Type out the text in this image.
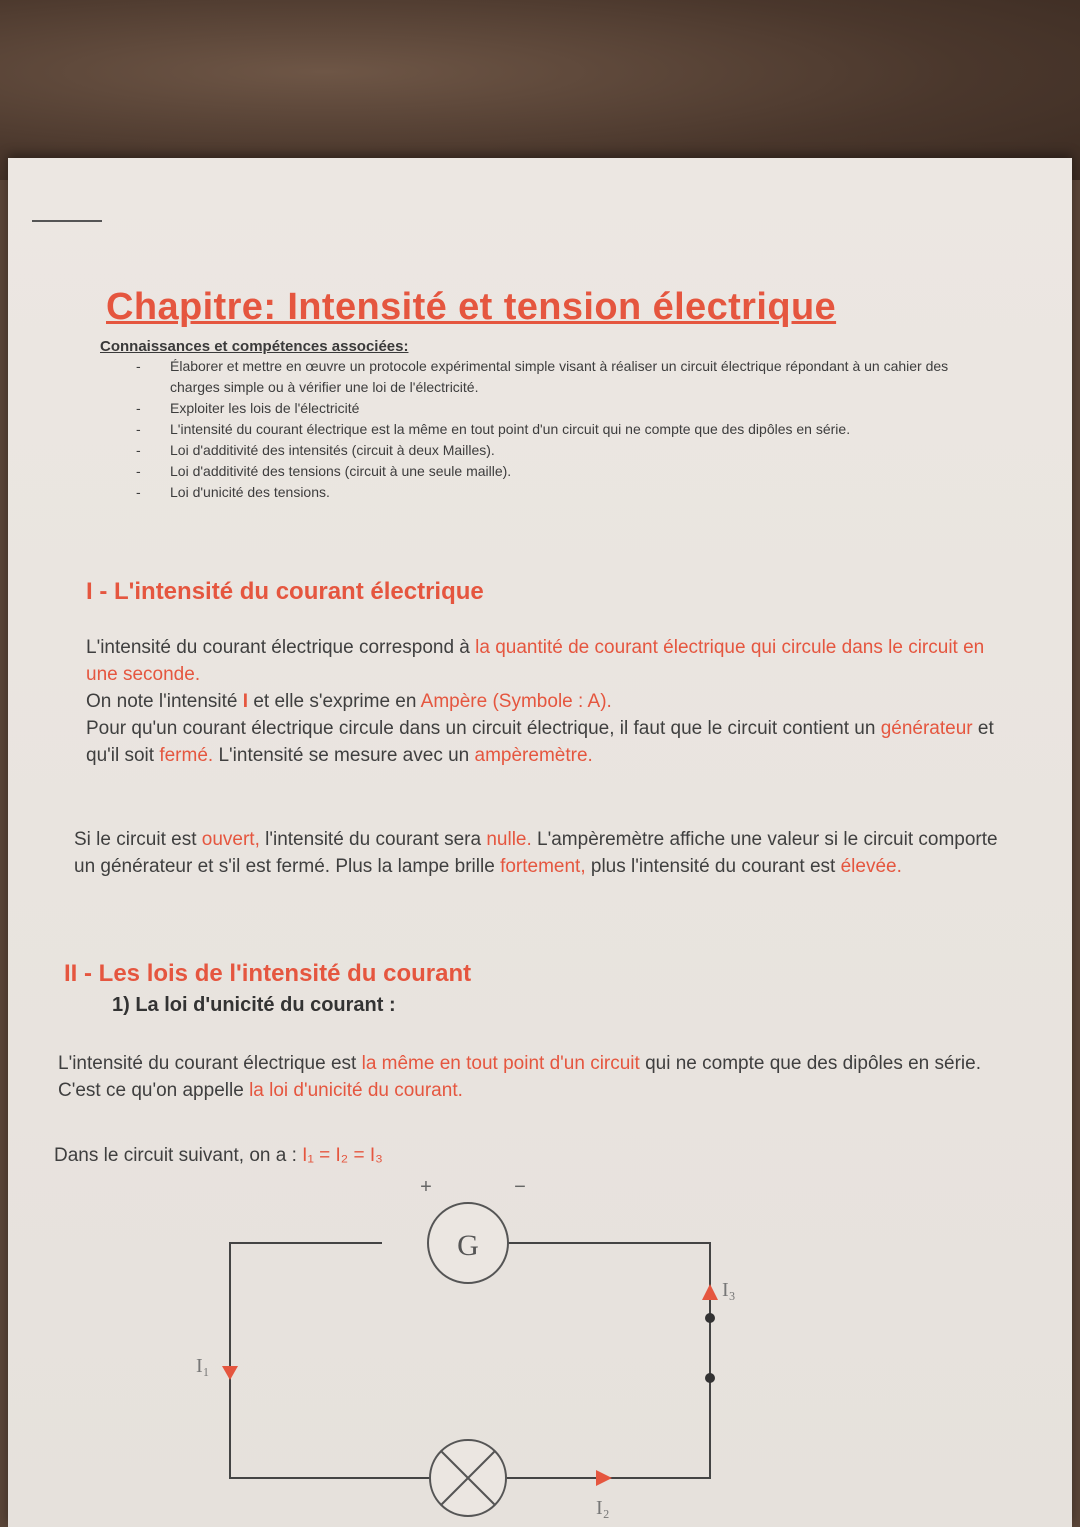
Chapitre: Intensité et tension électrique

Connaissances et compétences associées:

- Élaborer et mettre en œuvre un protocole expérimental simple visant à réaliser un circuit électrique répondant à un cahier des charges simple ou à vérifier une loi de l'électricité.
- Exploiter les lois de l'électricité
- L'intensité du courant électrique est la même en tout point d'un circuit qui ne compte que des dipôles en série.
- Loi d'additivité des intensités (circuit à deux Mailles).
- Loi d'additivité des tensions (circuit à une seule maille).
- Loi d'unicité des tensions.
I - L'intensité du courant électrique

L'intensité du courant électrique correspond à la quantité de courant électrique qui circule dans le circuit en une seconde.
On note l'intensité I et elle s'exprime en Ampère (Symbole : A).
Pour qu'un courant électrique circule dans un circuit électrique, il faut que le circuit contient un générateur et qu'il soit fermé. L'intensité se mesure avec un ampèremètre.

Si le circuit est ouvert, l'intensité du courant sera nulle. L'ampèremètre affiche une valeur si le circuit comporte un générateur et s'il est fermé. Plus la lampe brille fortement, plus l'intensité du courant est élevée.

II - Les lois de l'intensité du courant

1) La loi d'unicité du courant :

L'intensité du courant électrique est la même en tout point d'un circuit qui ne compte que des dipôles en série. C'est ce qu'on appelle la loi d'unicité du courant.

Dans le circuit suivant, on a : I₁ = I₂ = I₃

G
+	−
I₁
I₃
I₂
